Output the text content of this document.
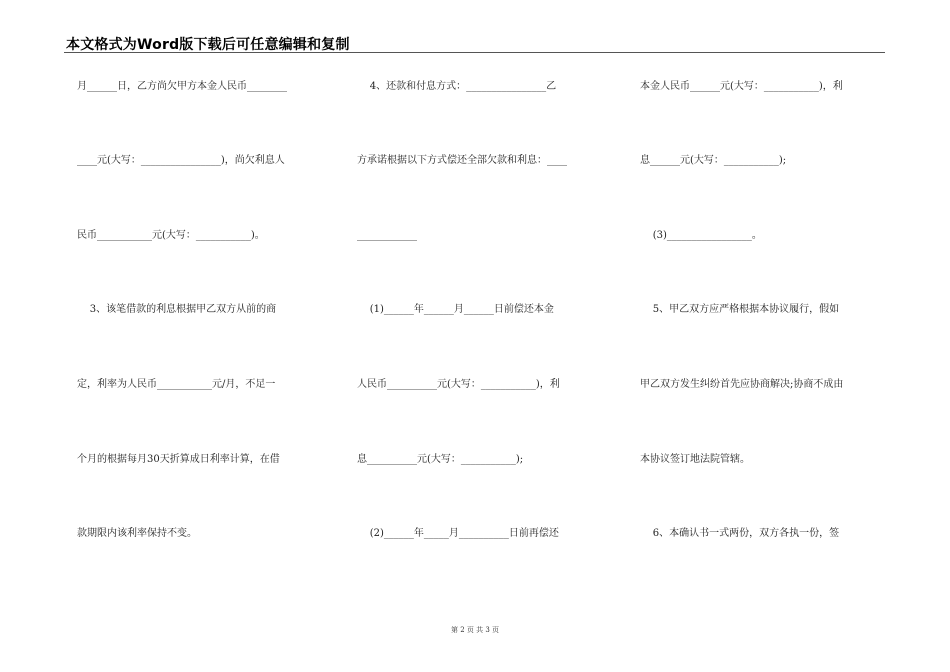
本文格式为Word版下载后可任意编辑和复制
月______日，乙方尚欠甲方本金人民币________
____元(大写：________________)，尚欠利息人
民币___________元(大写：___________)。
3、该笔借款的利息根据甲乙双方从前的商
定，利率为人民币___________元/月，不足一
个月的根据每月30天折算成日利率计算，在借
款期限内该利率保持不变。
4、还款和付息方式：________________乙
方承诺根据以下方式偿还全部欠款和利息：____
____________
(1)______年______月______日前偿还本金
人民币__________元(大写：___________)，利
息__________元(大写：___________);
(2)______年_____月__________日前再偿还
本金人民币______元(大写：___________)，利
息______元(大写：___________);
(3)_________________。
5、甲乙双方应严格根据本协议履行，假如
甲乙双方发生纠纷首先应协商解决;协商不成由
本协议签订地法院管辖。
6、本确认书一式两份，双方各执一份，签
第 2 页 共 3 页
